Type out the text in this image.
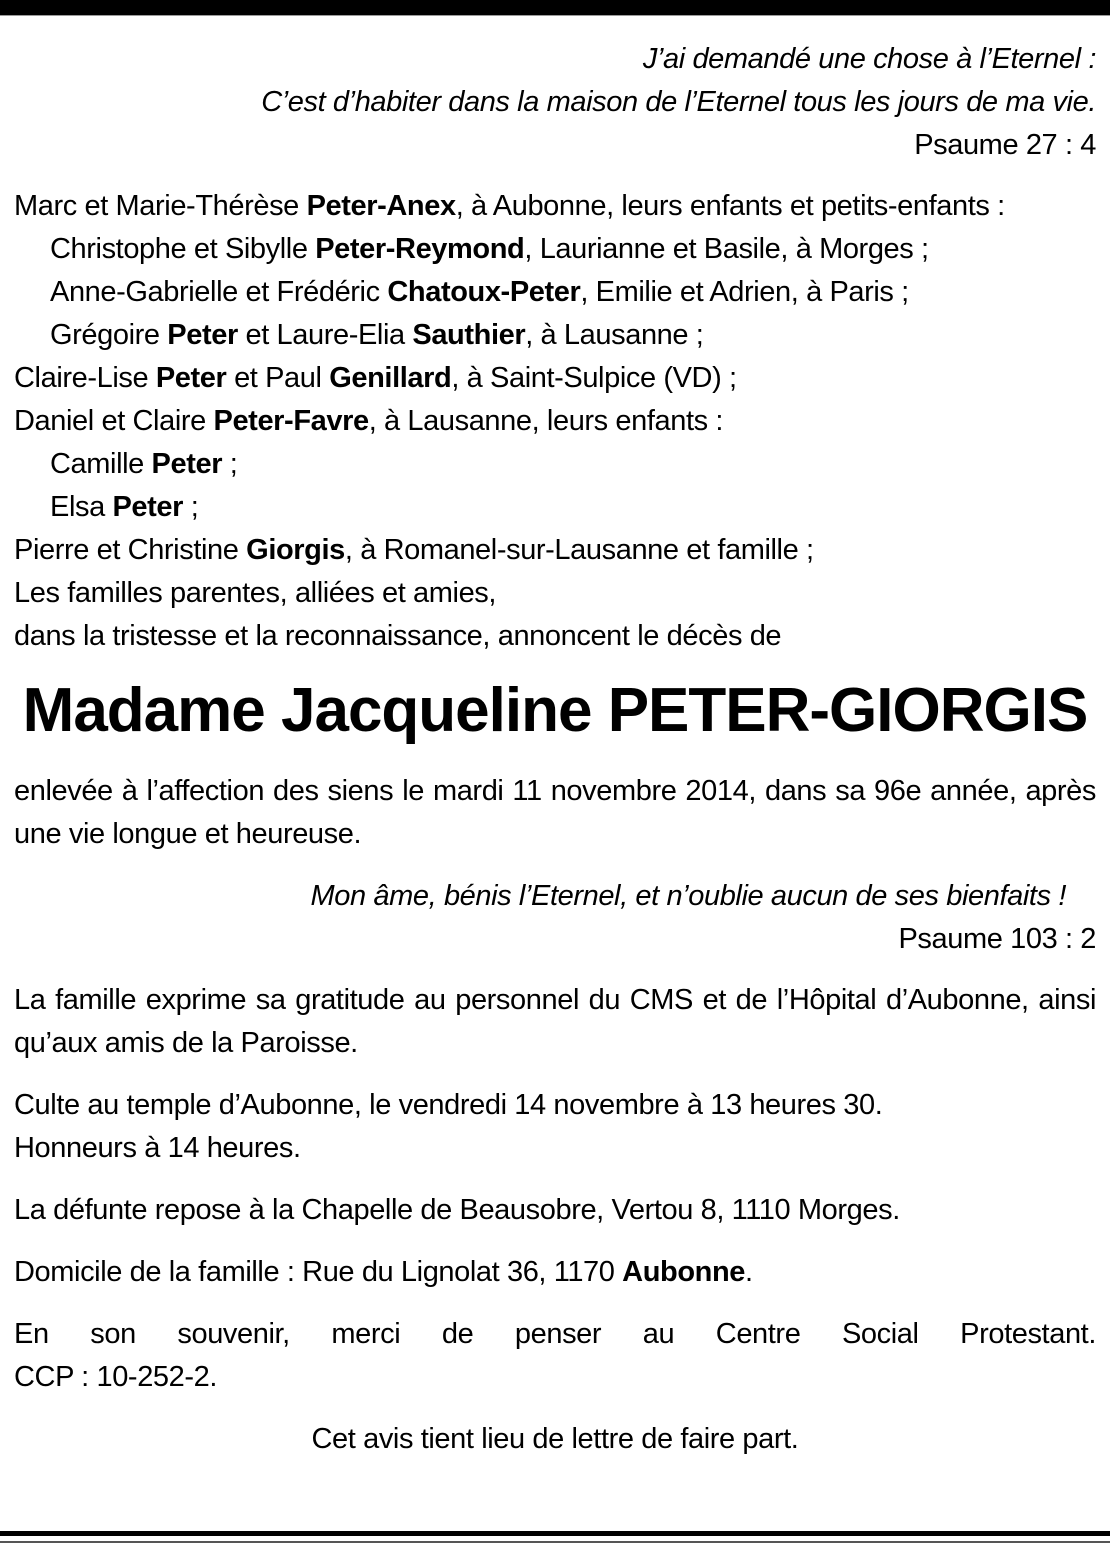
J’ai demandé une chose à l’Eternel :
C’est d’habiter dans la maison de l’Eternel tous les jours de ma vie.
Psaume 27 : 4
Marc et Marie-Thérèse Peter-Anex, à Aubonne, leurs enfants et petits-enfants :
Christophe et Sibylle Peter-Reymond, Laurianne et Basile, à Morges ;
Anne-Gabrielle et Frédéric Chatoux-Peter, Emilie et Adrien, à Paris ;
Grégoire Peter et Laure-Elia Sauthier, à Lausanne ;
Claire-Lise Peter et Paul Genillard, à Saint-Sulpice (VD) ;
Daniel et Claire Peter-Favre, à Lausanne, leurs enfants :
Camille Peter ;
Elsa Peter ;
Pierre et Christine Giorgis, à Romanel-sur-Lausanne et famille ;
Les familles parentes, alliées et amies,
dans la tristesse et la reconnaissance, annoncent le décès de
Madame Jacqueline PETER-GIORGIS

enlevée à l’affection des siens le mardi 11 novembre 2014, dans sa 96e année, après une vie longue et heureuse.

Mon âme, bénis l’Eternel, et n’oublie aucun de ses bienfaits !
Psaume 103 : 2

La famille exprime sa gratitude au personnel du CMS et de l’Hôpital d’Aubonne, ainsi qu’aux amis de la Paroisse.

Culte au temple d’Aubonne, le vendredi 14 novembre à 13 heures 30.
Honneurs à 14 heures.

La défunte repose à la Chapelle de Beausobre, Vertou 8, 1110 Morges.

Domicile de la famille : Rue du Lignolat 36, 1170 Aubonne.

En son souvenir, merci de penser au Centre Social Protestant.
CCP : 10-252-2.

Cet avis tient lieu de lettre de faire part.
